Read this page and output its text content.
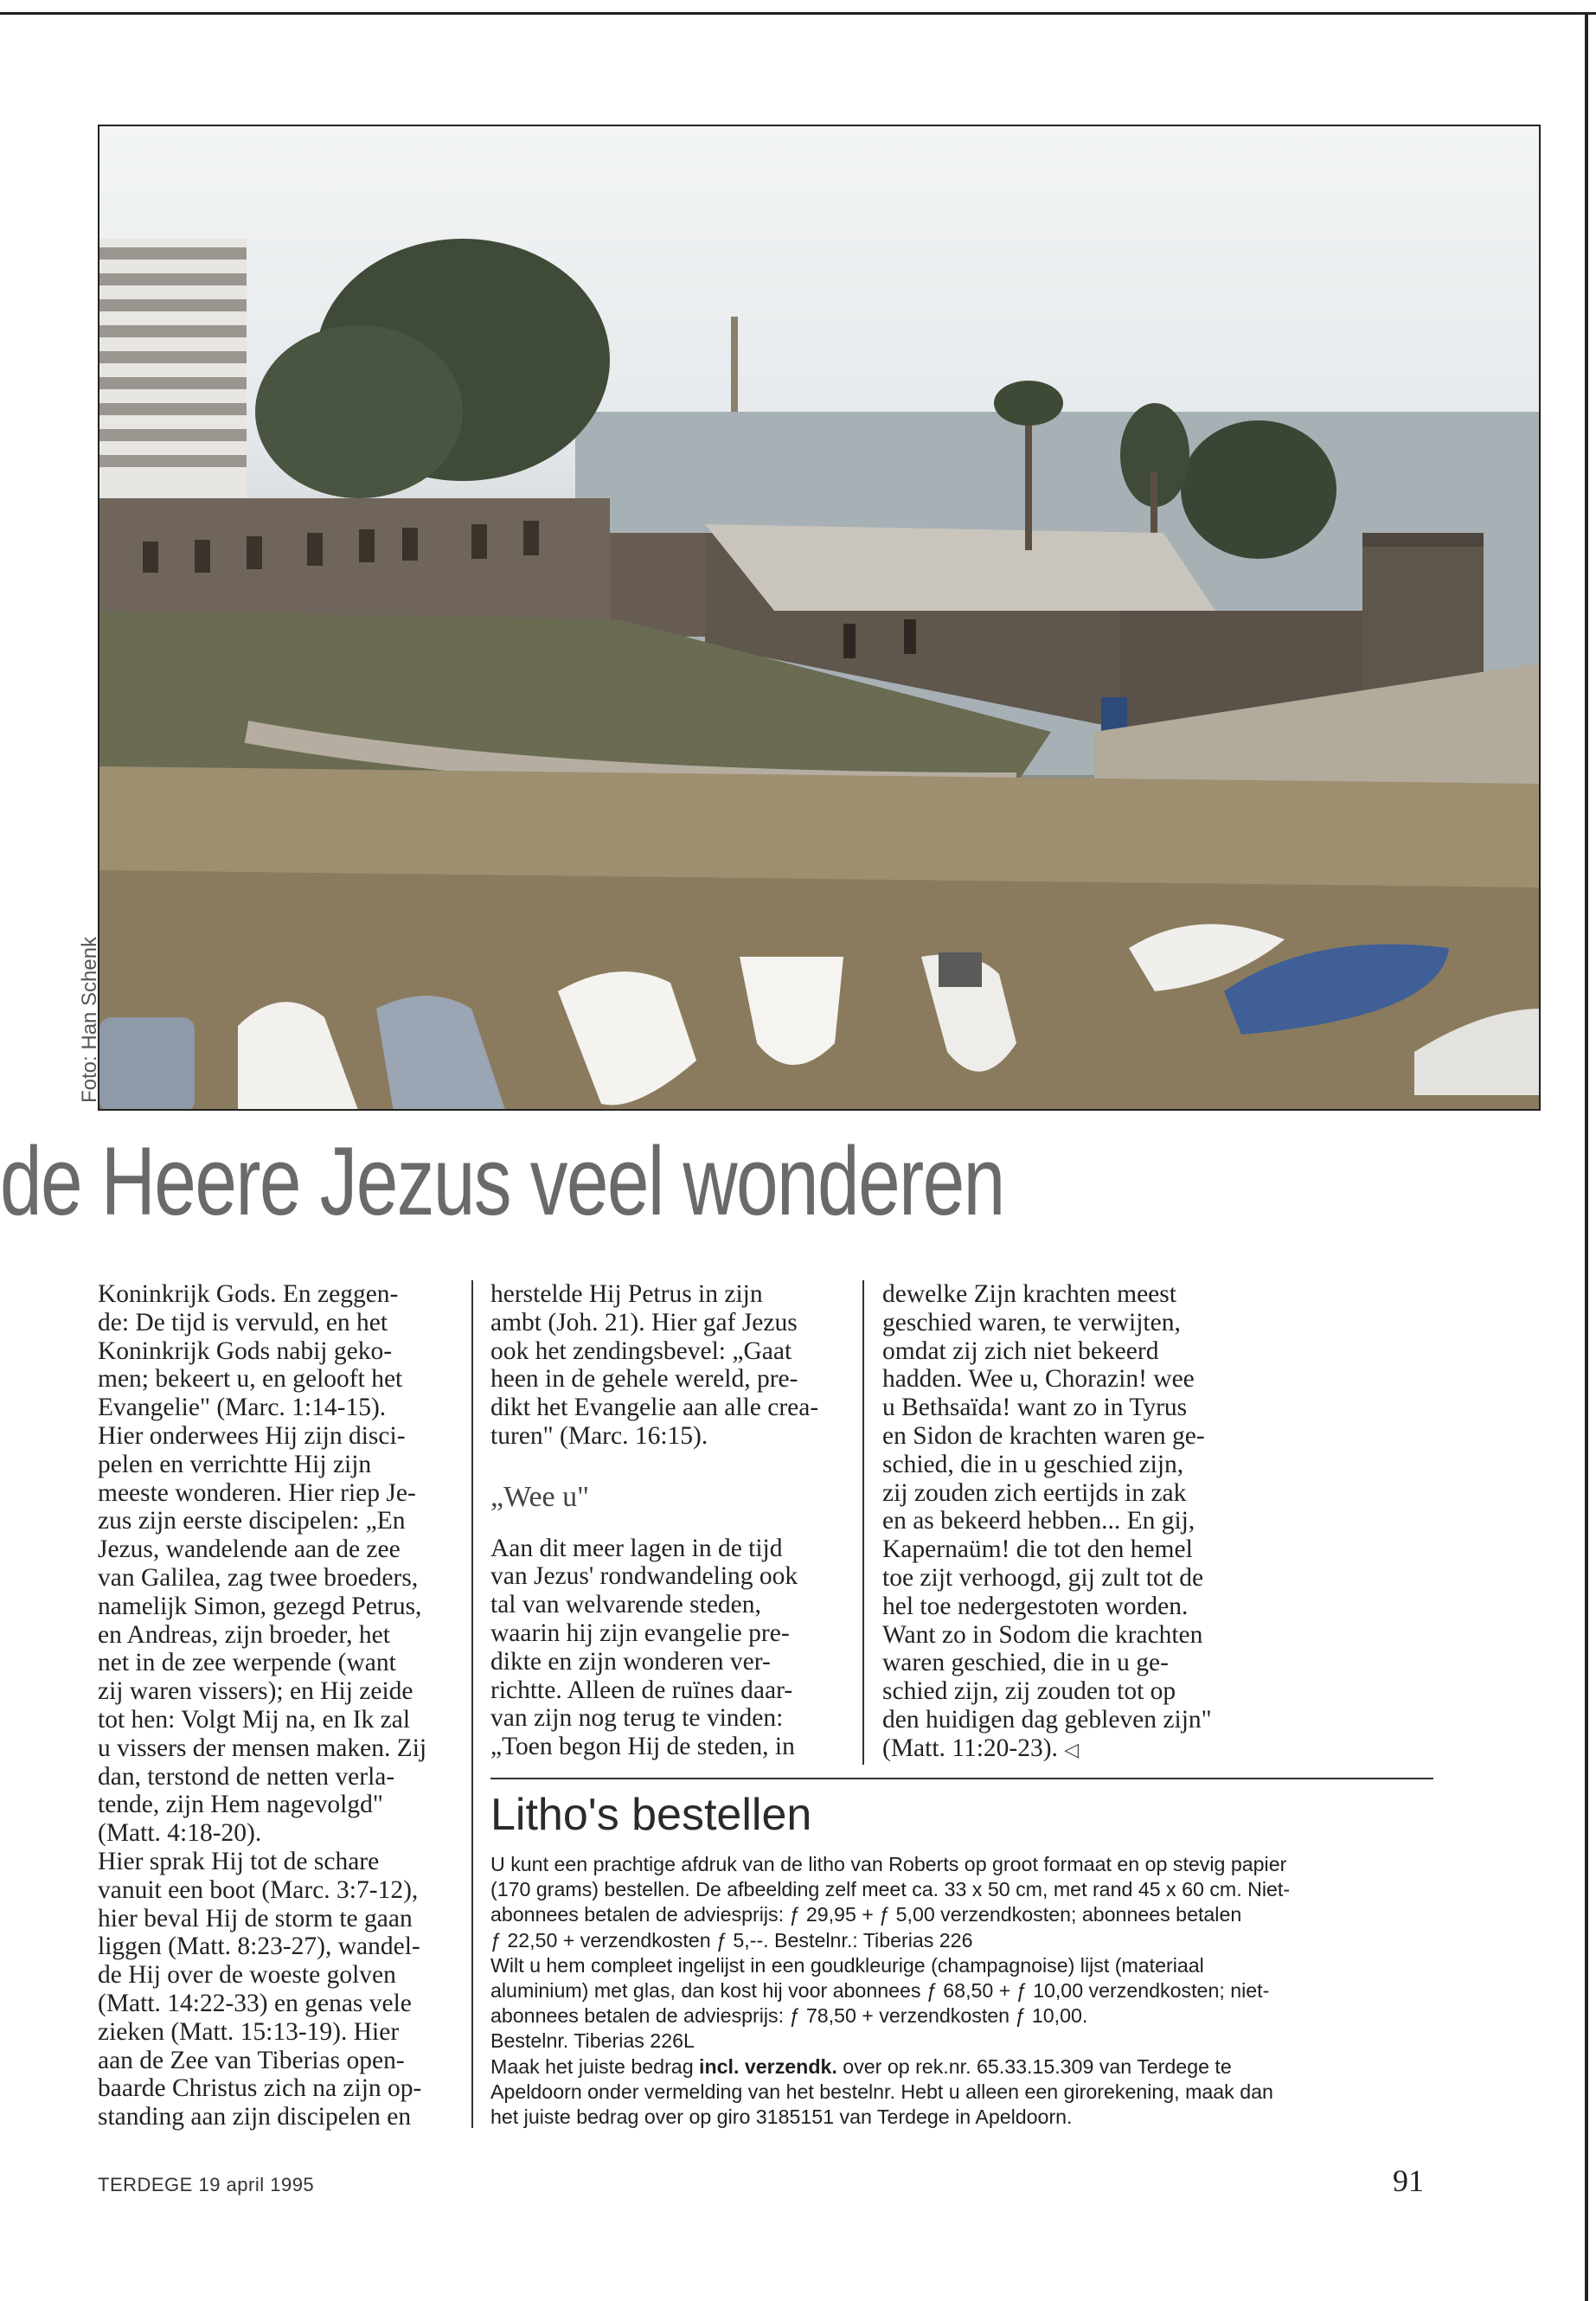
Foto: Han Schenk
de Heere Jezus veel wonderen

Koninkrijk Gods. En zeggen-
de: De tijd is vervuld, en het
Koninkrijk Gods nabij geko-
men; bekeert u, en gelooft het
Evangelie" (Marc. 1:14-15).
Hier onderwees Hij zijn disci-
pelen en verrichtte Hij zijn
meeste wonderen. Hier riep Je-
zus zijn eerste discipelen: „En
Jezus, wandelende aan de zee
van Galilea, zag twee broeders,
namelijk Simon, gezegd Petrus,
en Andreas, zijn broeder, het
net in de zee werpende (want
zij waren vissers); en Hij zeide
tot hen: Volgt Mij na, en Ik zal
u vissers der mensen maken. Zij
dan, terstond de netten verla-
tende, zijn Hem nagevolgd"
(Matt. 4:18-20).
Hier sprak Hij tot de schare
vanuit een boot (Marc. 3:7-12),
hier beval Hij de storm te gaan
liggen (Matt. 8:23-27), wandel-
de Hij over de woeste golven
(Matt. 14:22-33) en genas vele
zieken (Matt. 15:13-19). Hier
aan de Zee van Tiberias open-
baarde Christus zich na zijn op-
standing aan zijn discipelen en

herstelde Hij Petrus in zijn
ambt (Joh. 21). Hier gaf Jezus
ook het zendingsbevel: „Gaat
heen in de gehele wereld, pre-
dikt het Evangelie aan alle crea-
turen" (Marc. 16:15).

„Wee u"

Aan dit meer lagen in de tijd
van Jezus' rondwandeling ook
tal van welvarende steden,
waarin hij zijn evangelie pre-
dikte en zijn wonderen ver-
richtte. Alleen de ruïnes daar-
van zijn nog terug te vinden:
„Toen begon Hij de steden, in

dewelke Zijn krachten meest
geschied waren, te verwijten,
omdat zij zich niet bekeerd
hadden. Wee u, Chorazin! wee
u Bethsaïda! want zo in Tyrus
en Sidon de krachten waren ge-
schied, die in u geschied zijn,
zij zouden zich eertijds in zak
en as bekeerd hebben... En gij,
Kapernaüm! die tot den hemel
toe zijt verhoogd, gij zult tot de
hel toe nedergestoten worden.
Want zo in Sodom die krachten
waren geschied, die in u ge-
schied zijn, zij zouden tot op
den huidigen dag gebleven zijn"
(Matt. 11:20-23). ◁

Litho's bestellen

U kunt een prachtige afdruk van de litho van Roberts op groot formaat en op stevig papier
(170 grams) bestellen. De afbeelding zelf meet ca. 33 x 50 cm, met rand 45 x 60 cm. Niet-
abonnees betalen de adviesprijs: ƒ 29,95 + ƒ 5,00 verzendkosten; abonnees betalen
ƒ 22,50 + verzendkosten ƒ 5,--. Bestelnr.: Tiberias 226

Wilt u hem compleet ingelijst in een goudkleurige (champagnoise) lijst (materiaal
aluminium) met glas, dan kost hij voor abonnees ƒ 68,50 + ƒ 10,00 verzendkosten; niet-
abonnees betalen de adviesprijs: ƒ 78,50 + verzendkosten ƒ 10,00.
Bestelnr. Tiberias 226L

Maak het juiste bedrag incl. verzendk. over op rek.nr. 65.33.15.309 van Terdege te
Apeldoorn onder vermelding van het bestelnr. Hebt u alleen een girorekening, maak dan
het juiste bedrag over op giro 3185151 van Terdege in Apeldoorn.

TERDEGE 19 april 1995	91
